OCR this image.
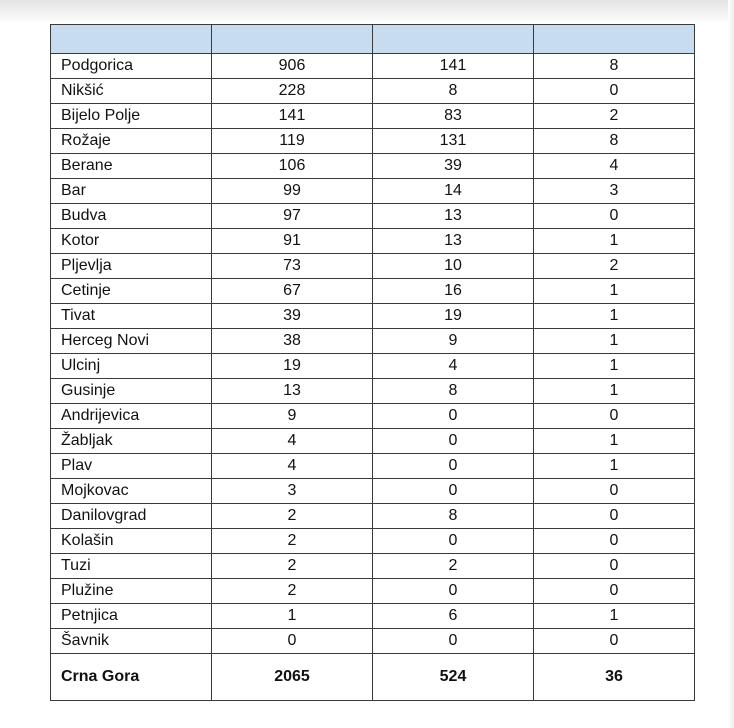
Podgorica	906	141	8
Nikšić	228	8	0
Bijelo Polje	141	83	2
Rožaje	119	131	8
Berane	106	39	4
Bar	99	14	3
Budva	97	13	0
Kotor	91	13	1
Pljevlja	73	10	2
Cetinje	67	16	1
Tivat	39	19	1
Herceg Novi	38	9	1
Ulcinj	19	4	1
Gusinje	13	8	1
Andrijevica	9	0	0
Žabljak	4	0	1
Plav	4	0	1
Mojkovac	3	0	0
Danilovgrad	2	8	0
Kolašin	2	0	0
Tuzi	2	2	0
Plužine	2	0	0
Petnjica	1	6	1
Šavnik	0	0	0
Crna Gora	2065	524	36
